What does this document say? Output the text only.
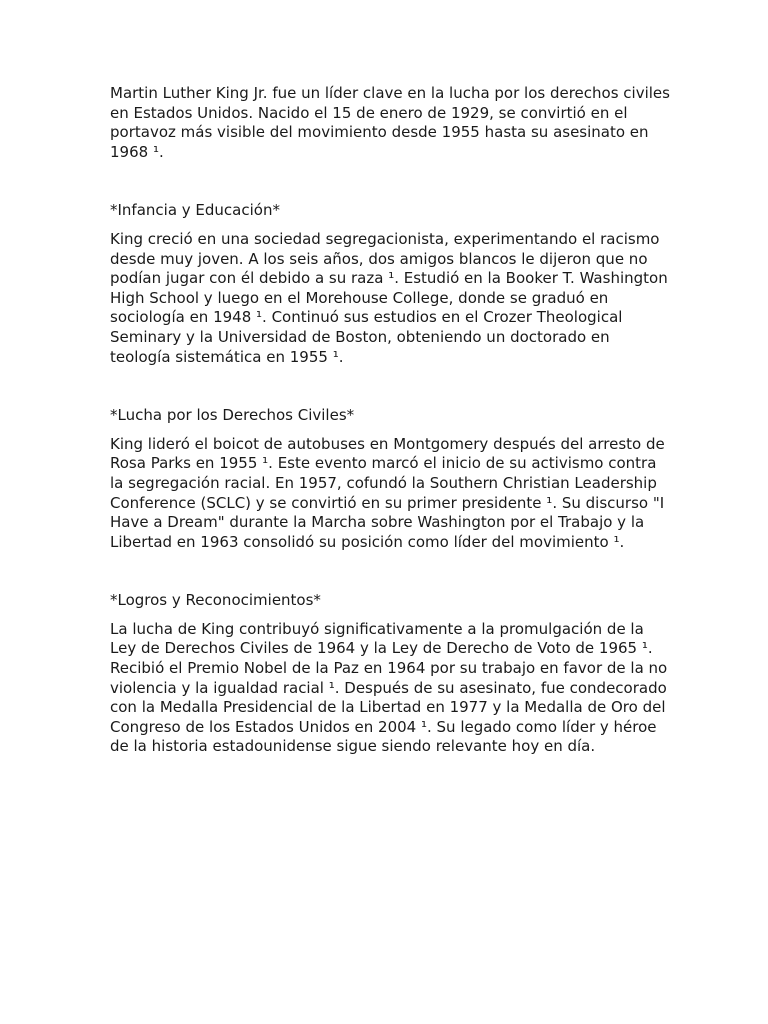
Martin Luther King Jr. fue un líder clave en la lucha por los derechos civiles en Estados Unidos. Nacido el 15 de enero de 1929, se convirtió en el portavoz más visible del movimiento desde 1955 hasta su asesinato en 1968 ¹.

*Infancia y Educación*

King creció en una sociedad segregacionista, experimentando el racismo desde muy joven. A los seis años, dos amigos blancos le dijeron que no podían jugar con él debido a su raza ¹. Estudió en la Booker T. Washington High School y luego en el Morehouse College, donde se graduó en sociología en 1948 ¹. Continuó sus estudios en el Crozer Theological Seminary y la Universidad de Boston, obteniendo un doctorado en teología sistemática en 1955 ¹.

*Lucha por los Derechos Civiles*

King lideró el boicot de autobuses en Montgomery después del arresto de Rosa Parks en 1955 ¹. Este evento marcó el inicio de su activismo contra la segregación racial. En 1957, cofundó la Southern Christian Leadership Conference (SCLC) y se convirtió en su primer presidente ¹. Su discurso "I Have a Dream" durante la Marcha sobre Washington por el Trabajo y la Libertad en 1963 consolidó su posición como líder del movimiento ¹.

*Logros y Reconocimientos*

La lucha de King contribuyó significativamente a la promulgación de la Ley de Derechos Civiles de 1964 y la Ley de Derecho de Voto de 1965 ¹. Recibió el Premio Nobel de la Paz en 1964 por su trabajo en favor de la no violencia y la igualdad racial ¹. Después de su asesinato, fue condecorado con la Medalla Presidencial de la Libertad en 1977 y la Medalla de Oro del Congreso de los Estados Unidos en 2004 ¹. Su legado como líder y héroe de la historia estadounidense sigue siendo relevante hoy en día.
